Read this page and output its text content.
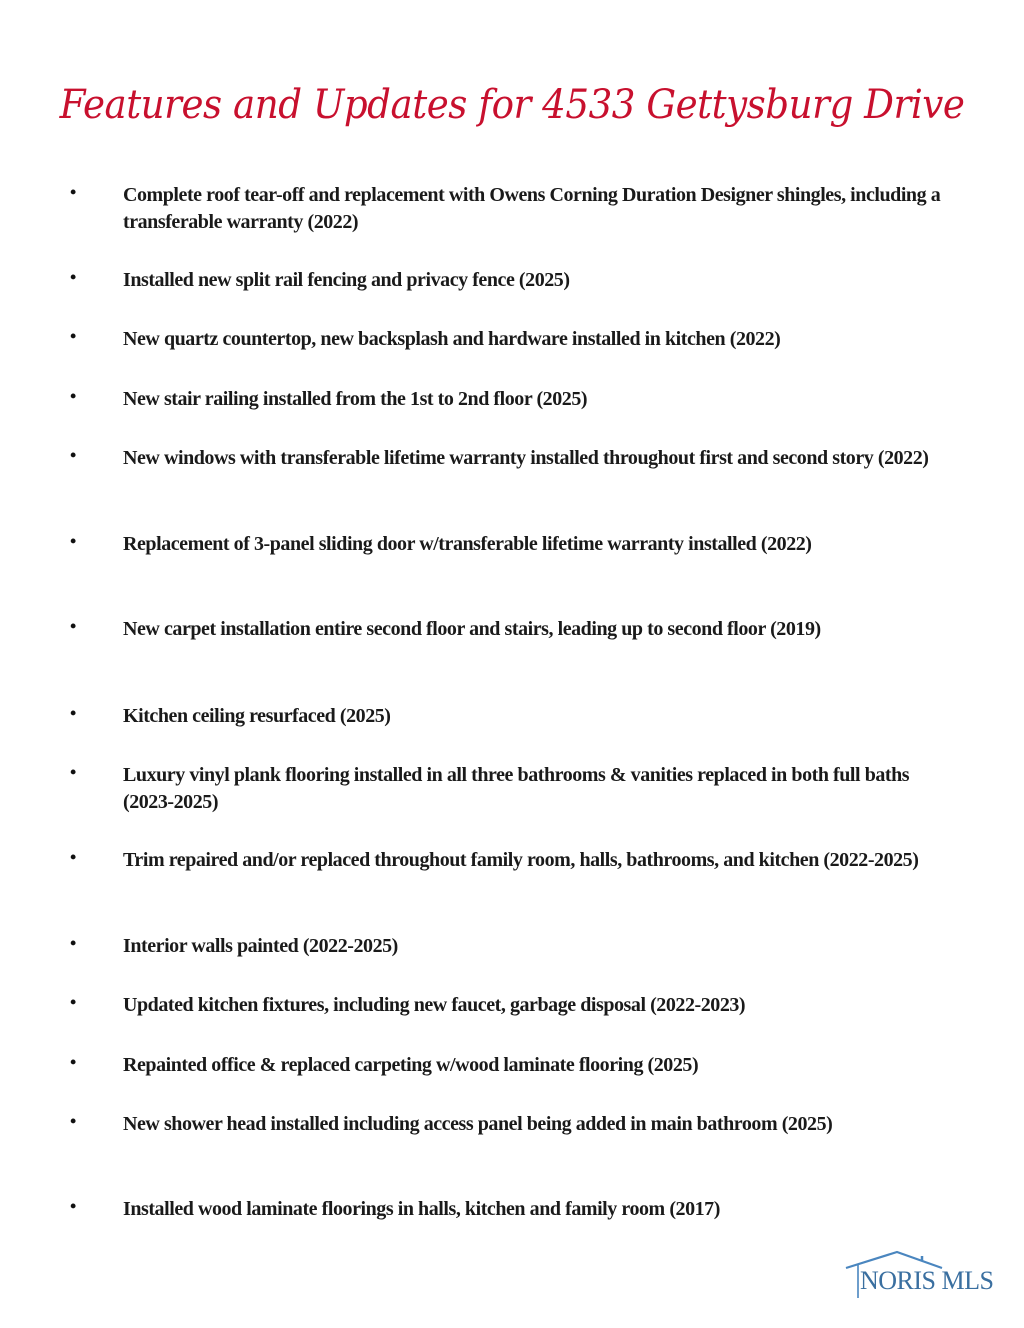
Features and Updates for 4533 Gettysburg Drive
•	Complete roof tear-off and replacement with Owens Corning Duration Designer shingles, including a transferable warranty (2022)
•	Installed new split rail fencing and privacy fence (2025)
•	New quartz countertop, new backsplash and hardware installed in kitchen (2022)
•	New stair railing installed from the 1st to 2nd floor (2025)
•	New windows with transferable lifetime warranty installed throughout first and second story (2022)
•	Replacement of 3-panel sliding door w/transferable lifetime warranty installed (2022)
•	New carpet installation entire second floor and stairs, leading up to second floor (2019)
•	Kitchen ceiling resurfaced (2025)
•	Luxury vinyl plank flooring installed in all three bathrooms & vanities replaced in both full baths (2023-2025)
•	Trim repaired and/or replaced throughout family room, halls, bathrooms, and kitchen (2022-2025)
•	Interior walls painted (2022-2025)
•	Updated kitchen fixtures, including new faucet, garbage disposal (2022-2023)
•	Repainted office & replaced carpeting w/wood laminate flooring (2025)
•	New shower head installed including access panel being added in main bathroom (2025)
•	Installed wood laminate floorings in halls, kitchen and family room (2017)
NORIS MLS
